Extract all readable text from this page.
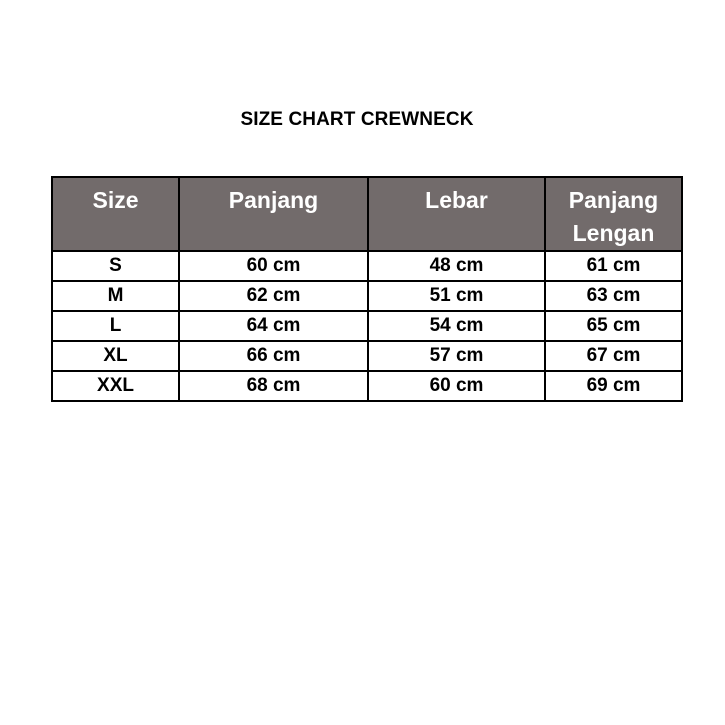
SIZE CHART CREWNECK
Size	Panjang	Lebar	Panjang Lengan
S	60 cm	48 cm	61 cm
M	62 cm	51 cm	63 cm
L	64 cm	54 cm	65 cm
XL	66 cm	57 cm	67 cm
XXL	68 cm	60 cm	69 cm
